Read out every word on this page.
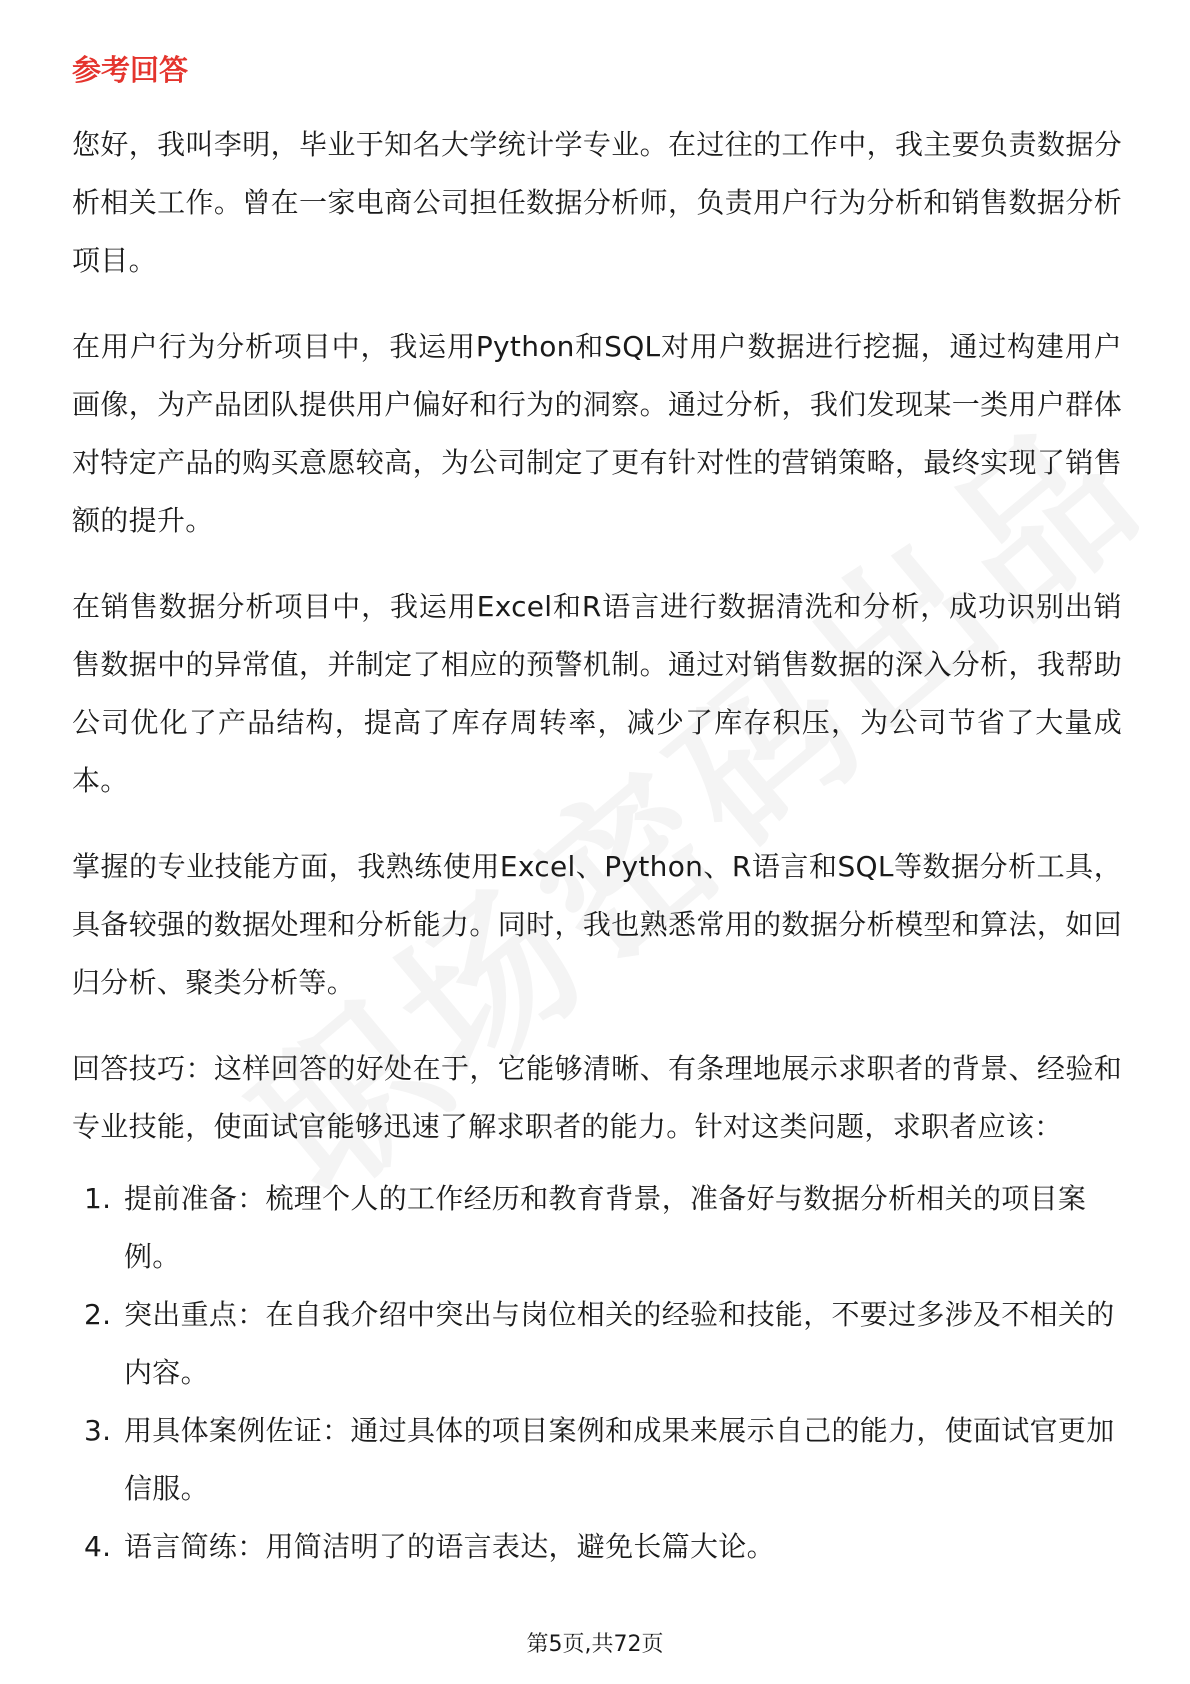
参考回答

您好，我叫李明，毕业于知名大学统计学专业。在过往的工作中，我主要负责数据分析相关工作。曾在一家电商公司担任数据分析师，负责用户行为分析和销售数据分析项目。

在用户行为分析项目中，我运用Python和SQL对用户数据进行挖掘，通过构建用户画像，为产品团队提供用户偏好和行为的洞察。通过分析，我们发现某一类用户群体对特定产品的购买意愿较高，为公司制定了更有针对性的营销策略，最终实现了销售额的提升。

在销售数据分析项目中，我运用Excel和R语言进行数据清洗和分析，成功识别出销售数据中的异常值，并制定了相应的预警机制。通过对销售数据的深入分析，我帮助公司优化了产品结构，提高了库存周转率，减少了库存积压，为公司节省了大量成本。

掌握的专业技能方面，我熟练使用Excel、Python、R语言和SQL等数据分析工具，具备较强的数据处理和分析能力。同时，我也熟悉常用的数据分析模型和算法，如回归分析、聚类分析等。

回答技巧：这样回答的好处在于，它能够清晰、有条理地展示求职者的背景、经验和专业技能，使面试官能够迅速了解求职者的能力。针对这类问题，求职者应该：

1. 提前准备：梳理个人的工作经历和教育背景，准备好与数据分析相关的项目案例。
2. 突出重点：在自我介绍中突出与岗位相关的经验和技能，不要过多涉及不相关的内容。
3. 用具体案例佐证：通过具体的项目案例和成果来展示自己的能力，使面试官更加信服。
4. 语言简练：用简洁明了的语言表达，避免长篇大论。
第5页,共72页
